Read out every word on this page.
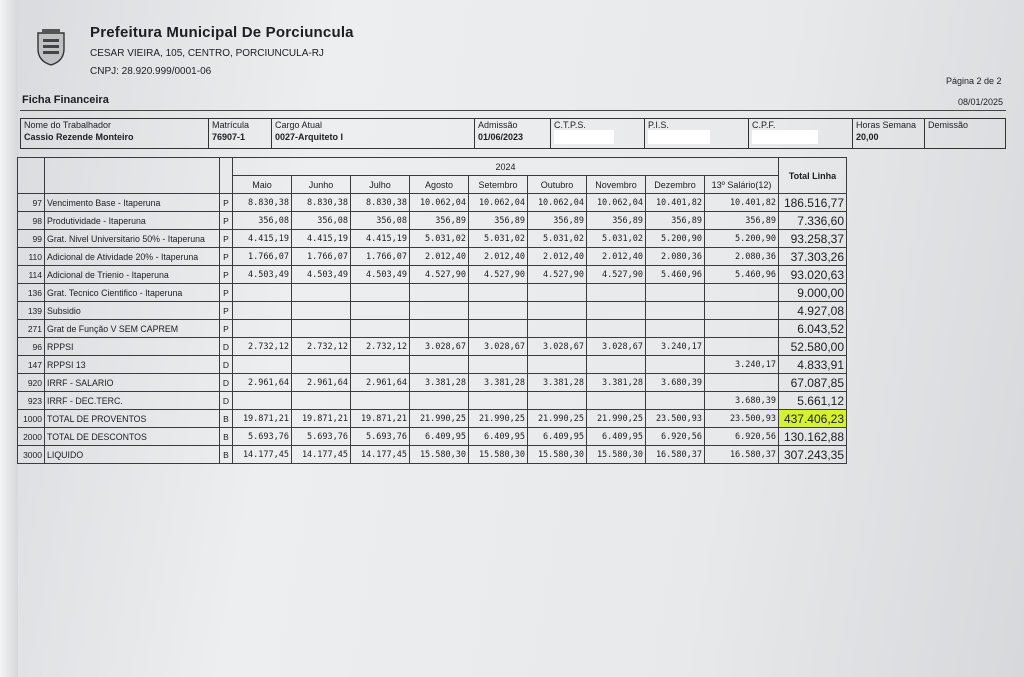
Prefeitura Municipal De Porciuncula
CESAR VIEIRA, 105, CENTRO, PORCIUNCULA-RJ
CNPJ: 28.920.999/0001-06
Página 2 de 2
08/01/2025
Ficha Financeira
Nome do Trabalhador
Cassio Rezende Monteiro
Matrícula
76907-1
Cargo Atual
0027-Arquiteto I
Admissão
01/06/2023
C.T.P.S.	P.I.S.	C.P.F.	Horas Semana
20,00
Demissão
			2024									Total Linha
			Maio	Junho	Julho	Agosto	Setembro	Outubro	Novembro	Dezembro	13º Salário(12)	
97	Vencimento Base - Itaperuna	P	8.830,38	8.830,38	8.830,38	10.062,04	10.062,04	10.062,04	10.062,04	10.401,82	10.401,82	186.516,77
98	Produtividade - Itaperuna	P	356,08	356,08	356,08	356,89	356,89	356,89	356,89	356,89	356,89	7.336,60
99	Grat. Nivel Universitario 50% - Itaperuna	P	4.415,19	4.415,19	4.415,19	5.031,02	5.031,02	5.031,02	5.031,02	5.200,90	5.200,90	93.258,37
110	Adicional de Atividade 20% - Itaperuna	P	1.766,07	1.766,07	1.766,07	2.012,40	2.012,40	2.012,40	2.012,40	2.080,36	2.080,36	37.303,26
114	Adicional de Trienio - Itaperuna	P	4.503,49	4.503,49	4.503,49	4.527,90	4.527,90	4.527,90	4.527,90	5.460,96	5.460,96	93.020,63
136	Grat. Tecnico Cientifico - Itaperuna	P										9.000,00
139	Subsidio	P										4.927,08
271	Grat de Função V SEM CAPREM	P										6.043,52
96	RPPSI	D	2.732,12	2.732,12	2.732,12	3.028,67	3.028,67	3.028,67	3.028,67	3.240,17		52.580,00
147	RPPSI 13	D									3.240,17	4.833,91
920	IRRF - SALARIO	D	2.961,64	2.961,64	2.961,64	3.381,28	3.381,28	3.381,28	3.381,28	3.680,39		67.087,85
923	IRRF - DEC.TERC.	D									3.680,39	5.661,12
1000	TOTAL DE PROVENTOS	B	19.871,21	19.871,21	19.871,21	21.990,25	21.990,25	21.990,25	21.990,25	23.500,93	23.500,93	437.406,23
2000	TOTAL DE DESCONTOS	B	5.693,76	5.693,76	5.693,76	6.409,95	6.409,95	6.409,95	6.409,95	6.920,56	6.920,56	130.162,88
3000	LIQUIDO	B	14.177,45	14.177,45	14.177,45	15.580,30	15.580,30	15.580,30	15.580,30	16.580,37	16.580,37	307.243,35
